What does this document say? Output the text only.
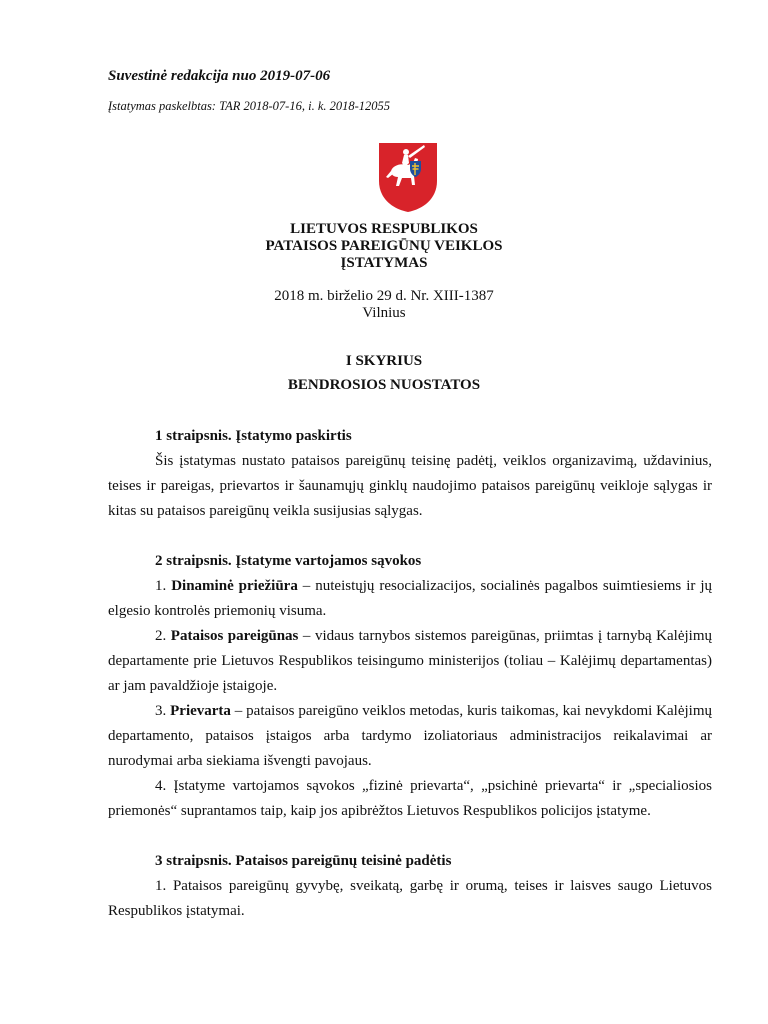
Suvestinė redakcija nuo 2019-07-06
Įstatymas paskelbtas: TAR 2018-07-16, i. k. 2018-12055
LIETUVOS RESPUBLIKOS
PATAISOS PAREIGŪNŲ VEIKLOS
ĮSTATYMAS
2018 m. birželio 29 d. Nr. XIII-1387
Vilnius
I SKYRIUS
BENDROSIOS NUOSTATOS
1 straipsnis. Įstatymo paskirtis
Šis įstatymas nustato pataisos pareigūnų teisinę padėtį, veiklos organizavimą, uždavinius, teises ir pareigas, prievartos ir šaunamųjų ginklų naudojimo pataisos pareigūnų veikloje sąlygas ir kitas su pataisos pareigūnų veikla susijusias sąlygas.
2 straipsnis. Įstatyme vartojamos sąvokos
1. Dinaminė priežiūra – nuteistųjų resocializacijos, socialinės pagalbos suimtiesiems ir jų elgesio kontrolės priemonių visuma.
2. Pataisos pareigūnas – vidaus tarnybos sistemos pareigūnas, priimtas į tarnybą Kalėjimų departamente prie Lietuvos Respublikos teisingumo ministerijos (toliau – Kalėjimų departamentas) ar jam pavaldžioje įstaigoje.
3. Prievarta – pataisos pareigūno veiklos metodas, kuris taikomas, kai nevykdomi Kalėjimų departamento, pataisos įstaigos arba tardymo izoliatoriaus administracijos reikalavimai ar nurodymai arba siekiama išvengti pavojaus.
4. Įstatyme vartojamos sąvokos „fizinė prievarta“, „psichinė prievarta“ ir „specialiosios priemonės“ suprantamos taip, kaip jos apibrėžtos Lietuvos Respublikos policijos įstatyme.
3 straipsnis. Pataisos pareigūnų teisinė padėtis
1. Pataisos pareigūnų gyvybę, sveikatą, garbę ir orumą, teises ir laisves saugo Lietuvos Respublikos įstatymai.
